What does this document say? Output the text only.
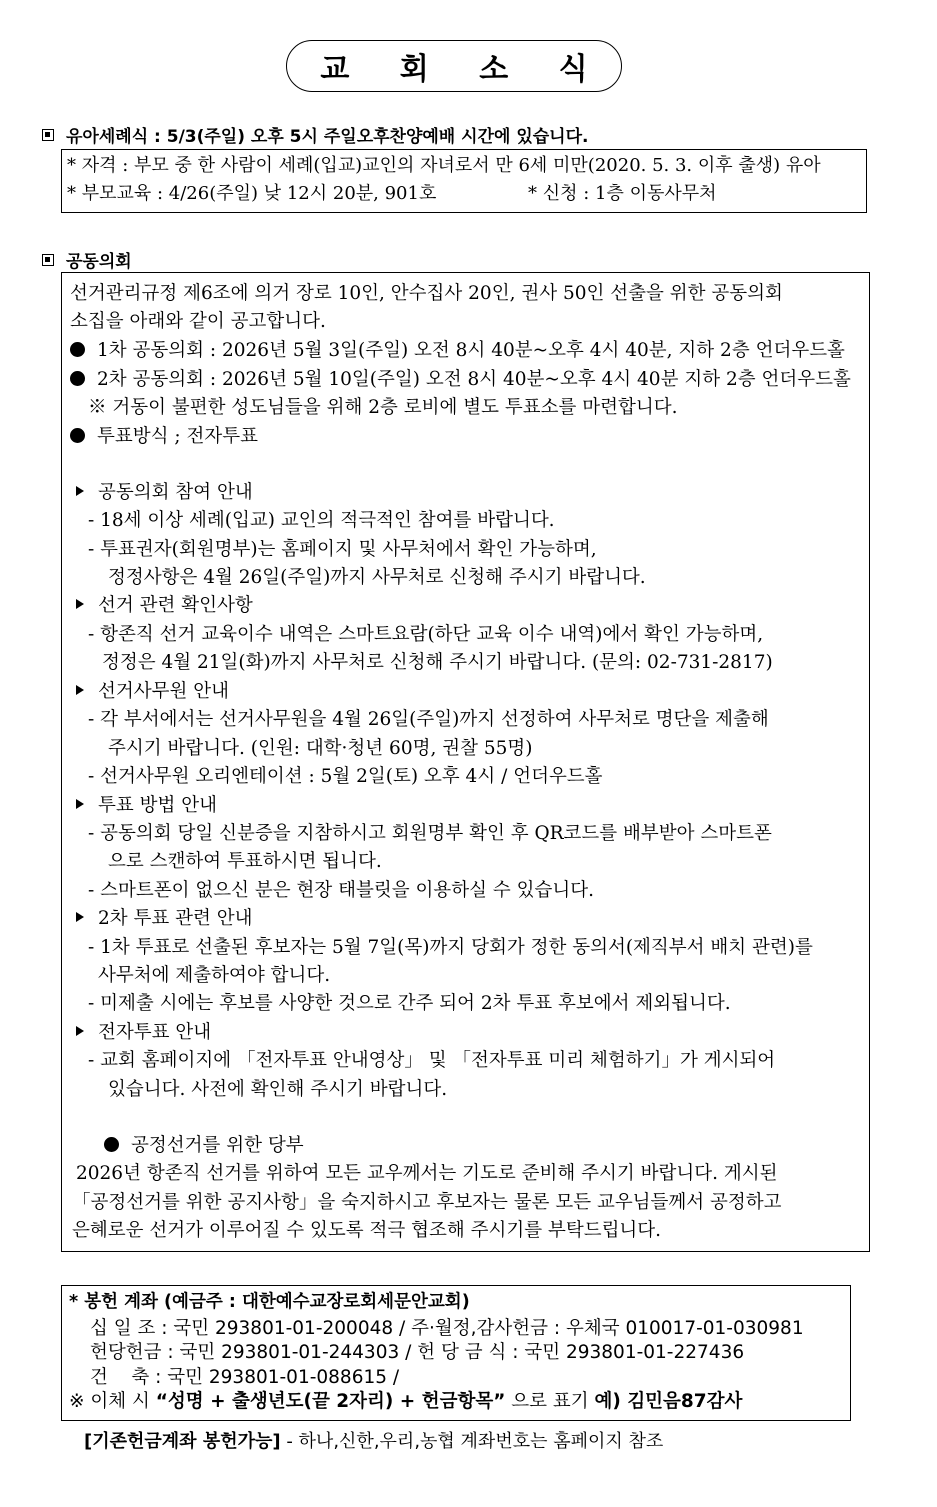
교 회 소 식
유아세례식 : 5/3(주일) 오후 5시 주일오후찬양예배 시간에 있습니다.
* 자격 : 부모 중 한 사람이 세례(입교)교인의 자녀로서 만 6세 미만(2020. 5. 3. 이후 출생) 유아
* 부모교육 : 4/26(주일) 낮 12시 20분, 901호	* 신청 : 1층 이동사무처
공동의회
선거관리규정 제6조에 의거 장로 10인, 안수집사 20인, 권사 50인 선출을 위한 공동의회
소집을 아래와 같이 공고합니다.
1차 공동의회 : 2026년 5월 3일(주일) 오전 8시 40분~오후 4시 40분, 지하 2층 언더우드홀
2차 공동의회 : 2026년 5월 10일(주일) 오전 8시 40분~오후 4시 40분 지하 2층 언더우드홀
※ 거동이 불편한 성도님들을 위해 2층 로비에 별도 투표소를 마련합니다.
투표방식 ; 전자투표
공동의회 참여 안내
- 18세 이상 세례(입교) 교인의 적극적인 참여를 바랍니다.
- 투표권자(회원명부)는 홈페이지 및 사무처에서 확인 가능하며,
정정사항은 4월 26일(주일)까지 사무처로 신청해 주시기 바랍니다.
선거 관련 확인사항
- 항존직 선거 교육이수 내역은 스마트요람(하단 교육 이수 내역)에서 확인 가능하며,
정정은 4월 21일(화)까지 사무처로 신청해 주시기 바랍니다. (문의: 02-731-2817)
선거사무원 안내
- 각 부서에서는 선거사무원을 4월 26일(주일)까지 선정하여 사무처로 명단을 제출해
주시기 바랍니다. (인원: 대학·청년 60명, 권찰 55명)
- 선거사무원 오리엔테이션 : 5월 2일(토) 오후 4시 / 언더우드홀
투표 방법 안내
- 공동의회 당일 신분증을 지참하시고 회원명부 확인 후 QR코드를 배부받아 스마트폰
으로 스캔하여 투표하시면 됩니다.
- 스마트폰이 없으신 분은 현장 태블릿을 이용하실 수 있습니다.
2차 투표 관련 안내
- 1차 투표로 선출된 후보자는 5월 7일(목)까지 당회가 정한 동의서(제직부서 배치 관련)를
사무처에 제출하여야 합니다.
- 미제출 시에는 후보를 사양한 것으로 간주 되어 2차 투표 후보에서 제외됩니다.
전자투표 안내
- 교회 홈페이지에 「전자투표 안내영상」 및 「전자투표 미리 체험하기」가 게시되어
있습니다. 사전에 확인해 주시기 바랍니다.
공정선거를 위한 당부
2026년 항존직 선거를 위하여 모든 교우께서는 기도로 준비해 주시기 바랍니다. 게시된
「공정선거를 위한 공지사항」을 숙지하시고 후보자는 물론 모든 교우님들께서 공정하고
은혜로운 선거가 이루어질 수 있도록 적극 협조해 주시기를 부탁드립니다.
* 봉헌 계좌 (예금주 : 대한예수교장로회세문안교회)
십 일 조 : 국민 293801-01-200048 / 주·월정,감사헌금 : 우체국 010017-01-030981
헌당헌금 : 국민 293801-01-244303 / 헌 당 금 식 : 국민 293801-01-227436
건    축 : 국민 293801-01-088615 /
※ 이체 시 “성명 + 출생년도(끝 2자리) + 헌금항목” 으로 표기 예) 김민음87감사
[기존헌금계좌 봉헌가능] - 하나,신한,우리,농협 계좌번호는 홈페이지 참조
